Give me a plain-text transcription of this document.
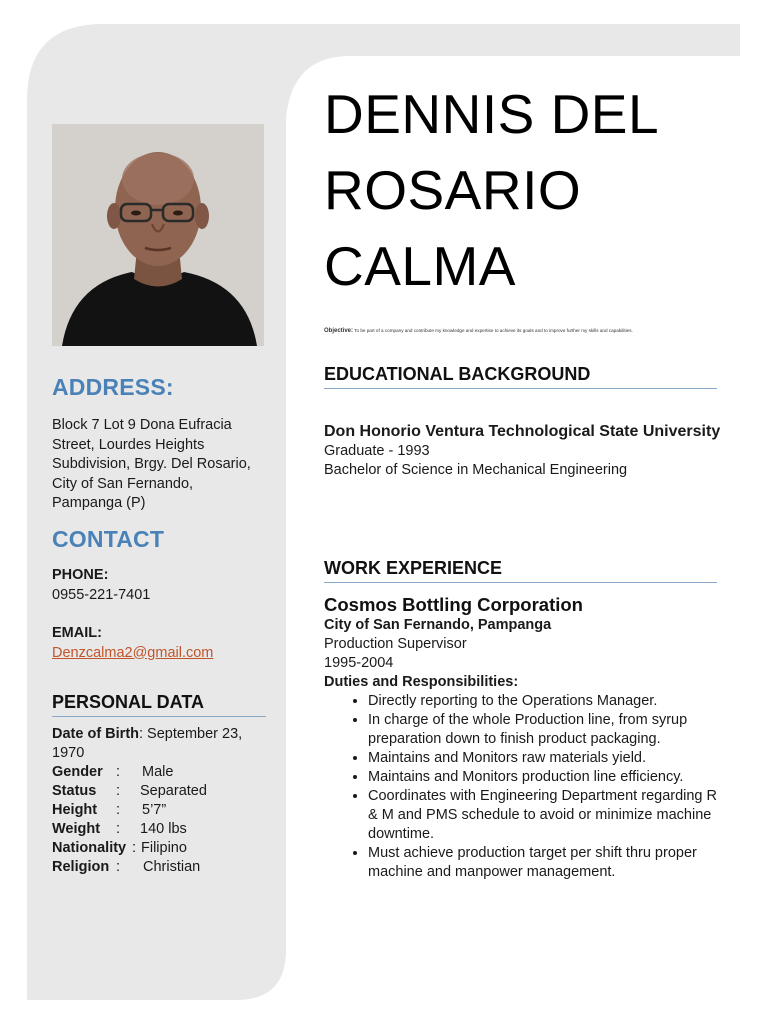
ADDRESS:
Block 7 Lot 9 Dona Eufracia Street, Lourdes Heights Subdivision, Brgy. Del Rosario, City of San Fernando, Pampanga (P)
CONTACT
PHONE:
0955-221-7401
EMAIL:
Denzcalma2@gmail.com
PERSONAL DATA
Date of Birth: September 23, 1970
Gender :	Male
Status	:	Separated
Height	:	5’7”
Weight	:	140 lbs
Nationality : Filipino
Religion :	Christian
DENNIS DEL
ROSARIO
CALMA
Objective: To be part of a company and contribute my knowledge and expertise to achieve its goals and to improve further my skills and capabilities.
EDUCATIONAL BACKGROUND
Don Honorio Ventura Technological State University
Graduate - 1993
Bachelor of Science in Mechanical Engineering
WORK EXPERIENCE
Cosmos Bottling Corporation
City of San Fernando, Pampanga
Production Supervisor
1995-2004
Duties and Responsibilities:
• Directly reporting to the Operations Manager.
• In charge of the whole Production line, from syrup preparation down to finish product packaging.
• Maintains and Monitors raw materials yield.
• Maintains and Monitors production line efficiency.
• Coordinates with Engineering Department regarding R & M and PMS schedule to avoid or minimize machine downtime.
• Must achieve production target per shift thru proper machine and manpower management.
